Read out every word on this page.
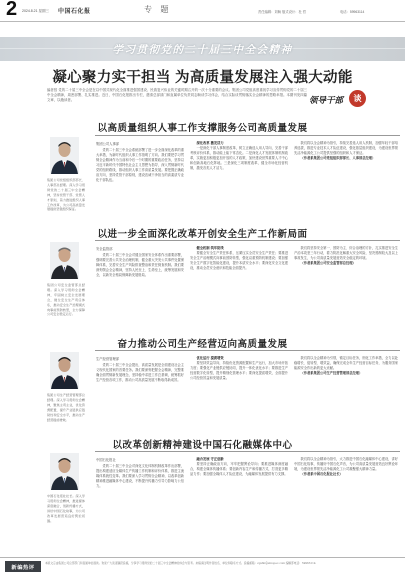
2 2024.8.21 星期三 中国石化报	专 题	责任编辑：刘畅 版式设计：杜 哲	电话：59963114
学习贯彻党的二十届三中全会精神
凝心聚力实干担当 为高质量发展注入强大动能
编者按 党的二十届三中全会是在以中国式现代化全面推进强国建设、民族复兴伟业的关键时期召开的一次十分重要的会议。集团公司党组高度重视学习宣传贯彻党的二十届三中全会精神，周密部署、扎实推进。近日，中国石化报推出专栏，邀请总部部门和直属单位负责同志畅谈学习体会，结合实际谈贯彻落实全会精神的思路举措。本期刊发四篇文章，以飨读者。	领导干部	谈
以高质量组织人事工作支撑服务公司高质量发展
集团公司党组组织部部长、人事部总经理。深入学习贯彻党的二十届三中全会精神，坚持党管干部、党管人才原则，着力推进组织人事工作改革，为公司高质量发展提供坚强组织保证。
集团公司人事部

党的二十届三中全会系统部署了进一步全面深化改革的重大举措，为新时代组织人事工作指明了方向。我们要把学习贯彻全会精神作为当前和今后一个时期的重要政治任务，坚持以习近平新时代中国特色社会主义思想为指导，深入贯彻新时代党的组织路线，推动组织人事工作高质量发展。要把握正确政治方向，坚持党管干部原则，建设忠诚干净担当的高素质专业化干部队伍。

深化改革 激发活力

一是深化干部人事制度改革，树立正确选人用人导向，完善干部考核评价体系，推动能上能下常态化。二是深化人才发展体制机制改革，实施更加积极更加开放的人才政策，加快建设世界重要人才中心和创新高地石化阵地。三是深化三项制度改革，健全市场化经营机制，激发各类人才活力。

我们将以全会精神为指引，持续完善选人用人机制，加强年轻干部培养选拔，推进专业技术人才队伍建设，强化基层组织建设，为建设世界领先洁净能源化工公司提供坚强的组织和人才保证。

（作者系集团公司党组组织部部长、人事部总经理）

以进一步全面深化改革开创安全生产工作新局面
集团公司安全监管部总经理。深入学习贯彻全会精神，牢固树立安全发展理念，健全安全生产责任体系，推动安全生产治理模式向事前预防转型，全力保障公司安全稳定运行。
安全监管部

党的二十届三中全会对健全国家安全体系作出重要部署，强调要完善公共安全治理机制，健全重大突发公共事件处置保障体系，完善安全生产风险排查整治和责任倒查机制。我们要深刻领会全会精神，坚持人民至上、生命至上，统筹发展和安全，以新安全格局保障新发展格局。

健全机制 筑牢防线

要健全安全生产责任体系，压紧压实全员安全生产责任；要推进安全生产治理模式向事前预防转型，强化双重预防机制建设；要加强安全生产数字化智能化建设，提升本质安全水平；要深化安全文化建设，推动全员安全意识和技能全面提升。

我们将坚持安全第一、预防为主、综合治理的方针，扎实推进安全生产治本攻坚三年行动，着力防范化解重大安全风险，坚决遏制较大及以上事故发生，为公司高质量发展营造安全稳定的环境。

（作者系集团公司安全监管部总经理）

奋力推动公司生产经营迈向高质量发展
集团公司生产经营管理部总经理。深入学习贯彻全会精神，聚焦主责主业，优化资源配置，提升产业链供应链韧性和安全水平，推动生产经营提质增效。
生产经营管理部

党的二十届三中全会提出，高质量发展是全面建设社会主义现代化国家的首要任务。我们要深刻把握全会精神，完整准确全面贯彻新发展理念，坚持稳中求进工作总基调，统筹抓好生产经营各项工作，推动公司高质量发展不断取得新成效。

优化运行 提质增效

要坚持效益导向，持续优化资源配置和生产运行，加大市场开拓力度；要强化产业链供应链协同，提升一体化优化水平；要推进生产经营数字化转型，提升精细化管理水平；要深化提质增效，全面提升公司经营效益和发展质量。

我们将以全会精神为引领，锚定目标任务，细化工作举措，全力以赴稳增长、促转型、增效益，确保完成全年生产经营目标任务，为服务国家能源安全作出新的更大贡献。

（作者系集团公司生产经营管理部总经理）

以改革创新精神建设中国石化融媒体中心
中国石化报社社长。深入学习贯彻全会精神，推进媒体深度融合，创新传播方式，讲好中国石化故事，为公司改革发展营造良好舆论氛围。
中国石化报社

党的二十届三中全会对深化文化体制机制改革作出部署，提出构建适应全媒体生产传播工作机制和评价体系，推进主流媒体系统性变革。我们要深入学习贯彻全会精神，以改革创新精神推进融媒体中心建设，不断提升传播力引导力影响力公信力。

融合发展 守正创新

要坚持正确政治方向，牢牢把握舆论导向；要推进媒体深度融合，构建全媒体传播体系；要创新内容生产和传播方式，打造更多精品力作；要加强全媒体人才队伍建设，为融媒体发展提供有力支撑。

我们将以全会精神为指引，大力推进中国石化融媒体中心建设，讲好中国石化故事，传播好中国石化声音，为公司高质量发展营造良好舆论环境，为建设世界领先洁净能源化工公司凝聚强大精神力量。

（作者系中国石化报社社长）

新编热评
本版文章由集团公司总部部门和直属单位提供。欢迎广大读者踊跃投稿，分享学习贯彻党的二十届三中全会精神的体会与思考。来稿请注明作者姓名、单位和联系方式。投稿邮箱：zgshb@sinopec.com 编辑部电话：59963114
